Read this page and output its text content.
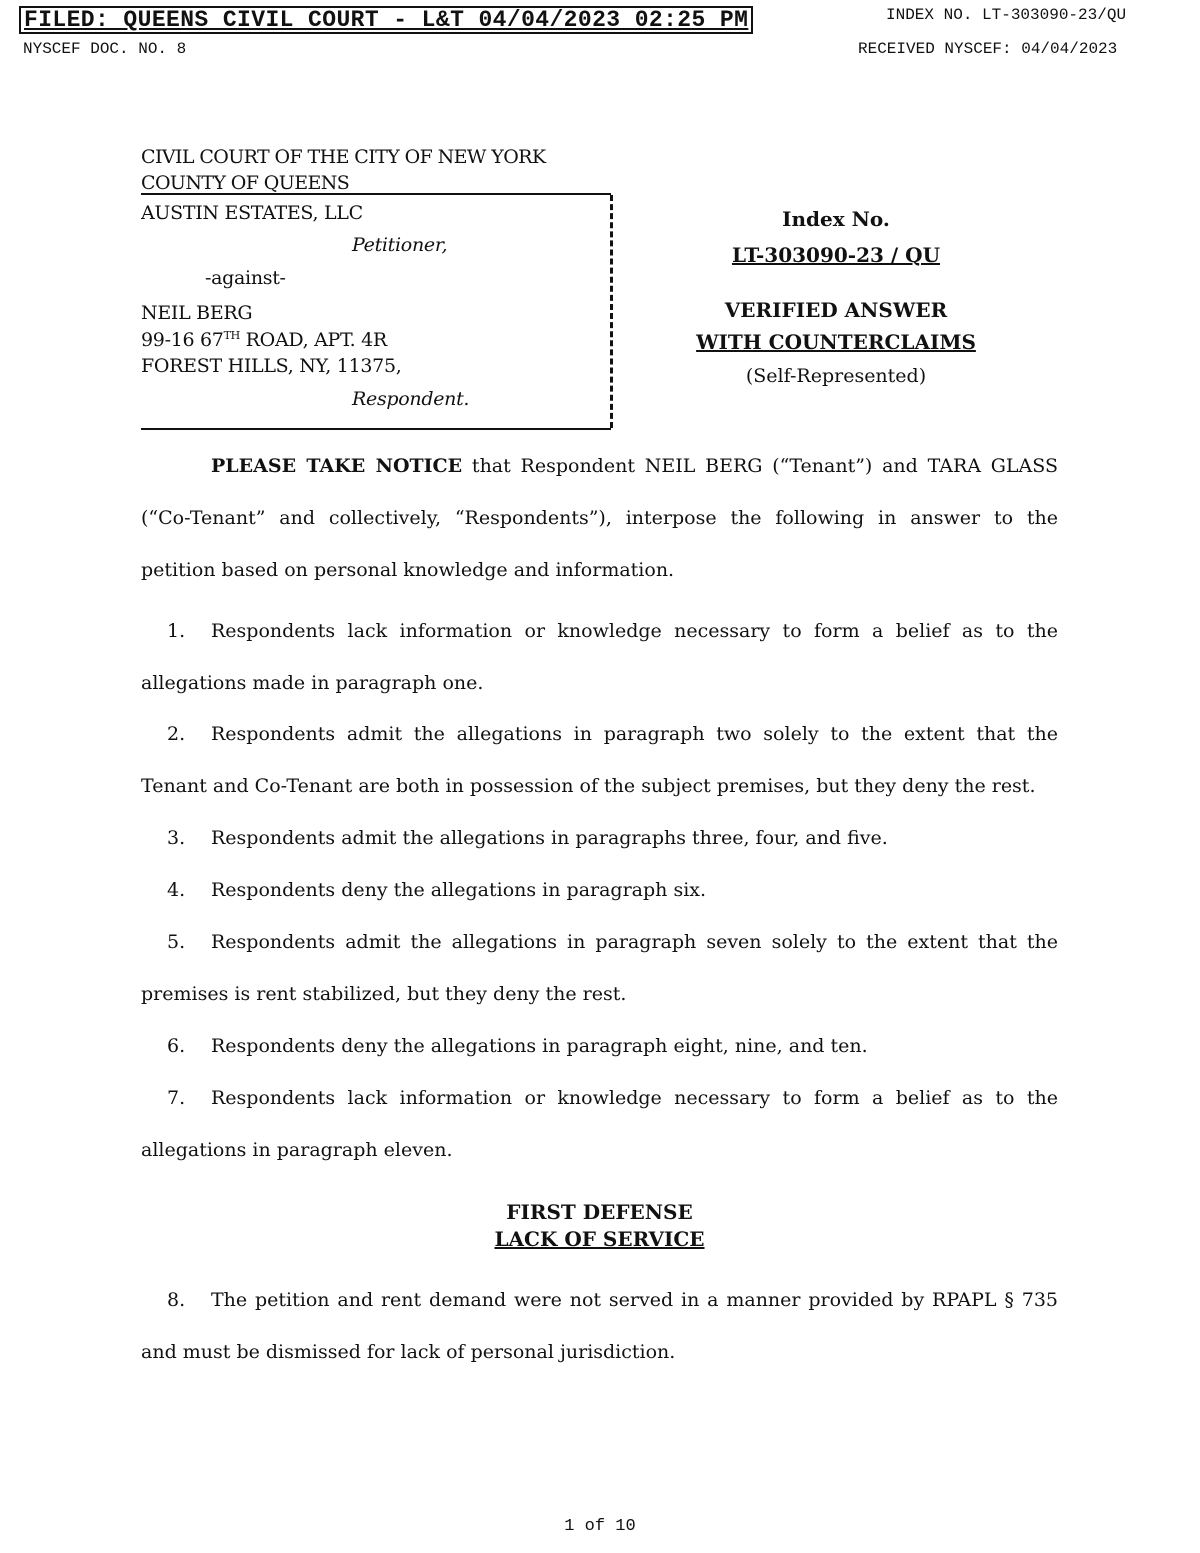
FILED: QUEENS CIVIL COURT - L&T 04/04/2023 02:25 PM	INDEX NO. LT-303090-23/QU
NYSCEF DOC. NO. 8	RECEIVED NYSCEF: 04/04/2023
CIVIL COURT OF THE CITY OF NEW YORK
COUNTY OF QUEENS
AUSTIN ESTATES, LLC
Petitioner,
-against-
NEIL BERG
99-16 67TH ROAD, APT. 4R
FOREST HILLS, NY, 11375,
Respondent.
Index No.
LT-303090-23 / QU
VERIFIED ANSWER
WITH COUNTERCLAIMS
(Self-Represented)
PLEASE TAKE NOTICE that Respondent NEIL BERG (“Tenant”) and TARA GLASS (“Co-Tenant” and collectively, “Respondents”), interpose the following in answer to the petition based on personal knowledge and information.
1. Respondents lack information or knowledge necessary to form a belief as to the allegations made in paragraph one.
2. Respondents admit the allegations in paragraph two solely to the extent that the Tenant and Co-Tenant are both in possession of the subject premises, but they deny the rest.
3. Respondents admit the allegations in paragraphs three, four, and five.
4. Respondents deny the allegations in paragraph six.
5. Respondents admit the allegations in paragraph seven solely to the extent that the premises is rent stabilized, but they deny the rest.
6. Respondents deny the allegations in paragraph eight, nine, and ten.
7. Respondents lack information or knowledge necessary to form a belief as to the allegations in paragraph eleven.
FIRST DEFENSE
LACK OF SERVICE
8. The petition and rent demand were not served in a manner provided by RPAPL § 735 and must be dismissed for lack of personal jurisdiction.
1 of 10
